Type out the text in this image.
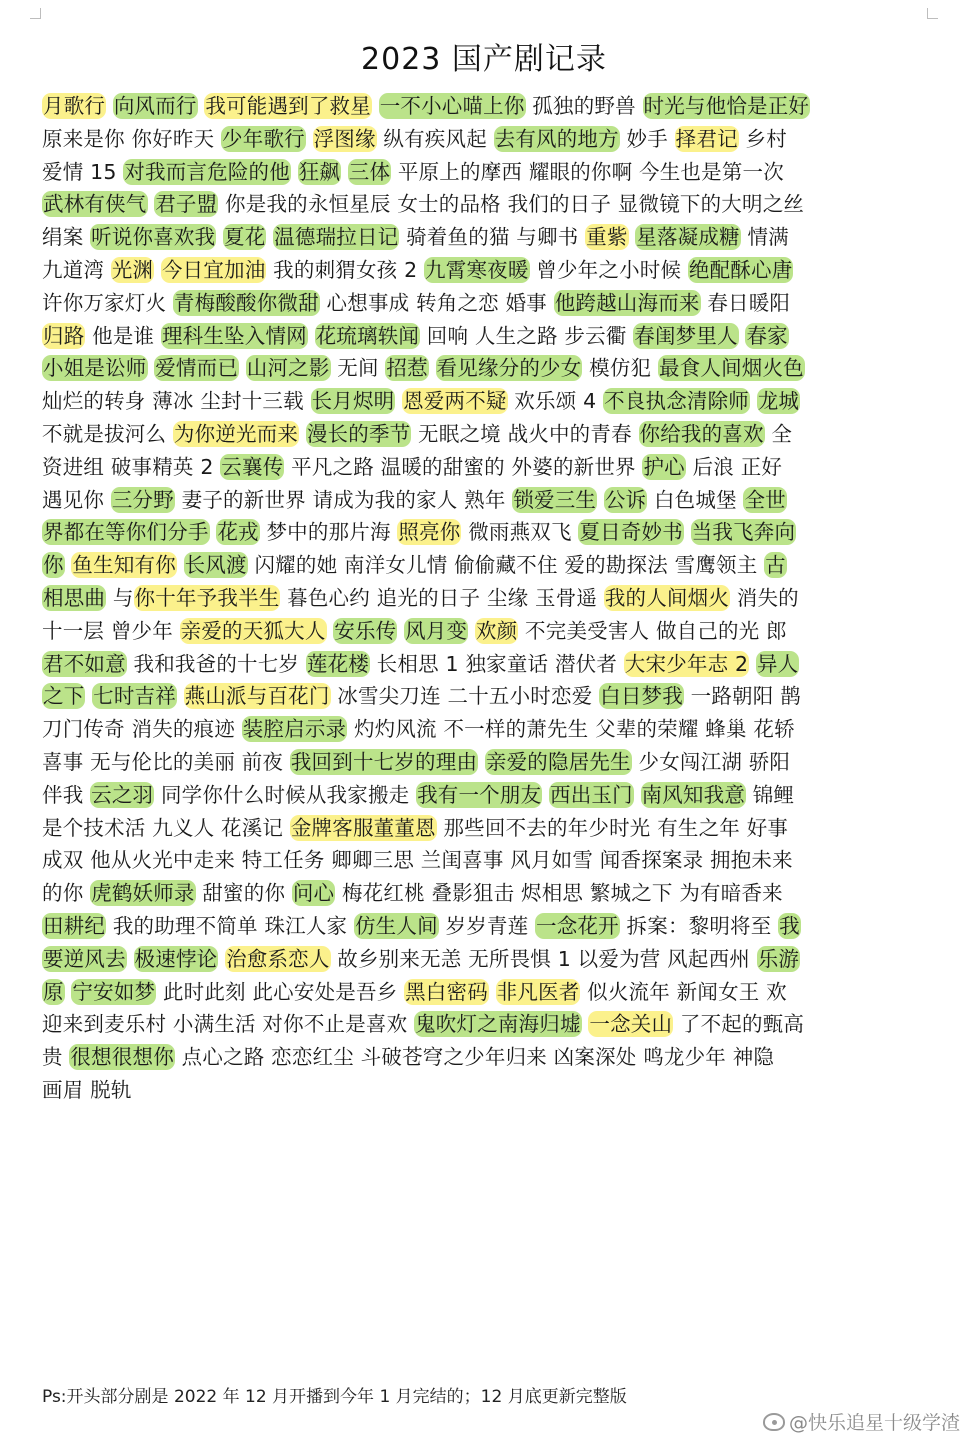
2023 国产剧记录
月歌行 向风而行 我可能遇到了救星 一不小心喵上你 孤独的野兽 时光与他恰是正好
原来是你 你好昨天 少年歌行 浮图缘 纵有疾风起 去有风的地方 妙手 择君记 乡村
爱情 15 对我而言危险的他 狂飙 三体 平原上的摩西 耀眼的你啊 今生也是第一次
武林有侠气 君子盟 你是我的永恒星辰 女士的品格 我们的日子 显微镜下的大明之丝
绢案 听说你喜欢我 夏花 温德瑞拉日记 骑着鱼的猫 与卿书 重紫 星落凝成糖 情满
九道湾 光渊 今日宜加油 我的刺猬女孩 2 九霄寒夜暖 曾少年之小时候 绝配酥心唐
许你万家灯火 青梅酸酸你微甜 心想事成 转角之恋 婚事 他跨越山海而来 春日暖阳
归路 他是谁 理科生坠入情网 花琉璃轶闻 回响 人生之路 步云衢 春闺梦里人 春家
小姐是讼师 爱情而已 山河之影 无间 招惹 看见缘分的少女 模仿犯 最食人间烟火色
灿烂的转身 薄冰 尘封十三载 长月烬明 恩爱两不疑 欢乐颂 4 不良执念清除师 龙城
不就是拔河么 为你逆光而来 漫长的季节 无眠之境 战火中的青春 你给我的喜欢 全
资进组 破事精英 2 云襄传 平凡之路 温暖的甜蜜的 外婆的新世界 护心 后浪 正好
遇见你 三分野 妻子的新世界 请成为我的家人 熟年 锁爱三生 公诉 白色城堡 全世
界都在等你们分手 花戎 梦中的那片海 照亮你 微雨燕双飞 夏日奇妙书 当我飞奔向
你 鱼生知有你 长风渡 闪耀的她 南洋女儿情 偷偷藏不住 爱的勘探法 雪鹰领主 古
相思曲 与你十年予我半生 暮色心约 追光的日子 尘缘 玉骨遥 我的人间烟火 消失的
十一层 曾少年 亲爱的天狐大人 安乐传 风月变 欢颜 不完美受害人 做自己的光 郎
君不如意 我和我爸的十七岁 莲花楼 长相思 1 独家童话 潜伏者 大宋少年志 2 异人
之下 七时吉祥 燕山派与百花门 冰雪尖刀连 二十五小时恋爱 白日梦我 一路朝阳 鹊
刀门传奇 消失的痕迹 装腔启示录 灼灼风流 不一样的萧先生 父辈的荣耀 蜂巢 花轿
喜事 无与伦比的美丽 前夜 我回到十七岁的理由 亲爱的隐居先生 少女闯江湖 骄阳
伴我 云之羽 同学你什么时候从我家搬走 我有一个朋友 西出玉门 南风知我意 锦鲤
是个技术活 九义人 花溪记 金牌客服董董恩 那些回不去的年少时光 有生之年 好事
成双 他从火光中走来 特工任务 卿卿三思 兰闺喜事 风月如雪 闻香探案录 拥抱未来
的你 虎鹤妖师录 甜蜜的你 问心 梅花红桃 叠影狙击 烬相思 繁城之下 为有暗香来
田耕纪 我的助理不简单 珠江人家 仿生人间 岁岁青莲 一念花开 拆案：黎明将至 我
要逆风去 极速悖论 治愈系恋人 故乡别来无恙 无所畏惧 1 以爱为营 风起西州 乐游
原 宁安如梦 此时此刻 此心安处是吾乡 黑白密码 非凡医者 似火流年 新闻女王 欢
迎来到麦乐村 小满生活 对你不止是喜欢 鬼吹灯之南海归墟 一念关山 了不起的甄高
贵 很想很想你 点心之路 恋恋红尘 斗破苍穹之少年归来 凶案深处 鸣龙少年 神隐
画眉 脱轨
Ps:开头部分剧是 2022 年 12 月开播到今年 1 月完结的；12 月底更新完整版
@快乐追星十级学渣
